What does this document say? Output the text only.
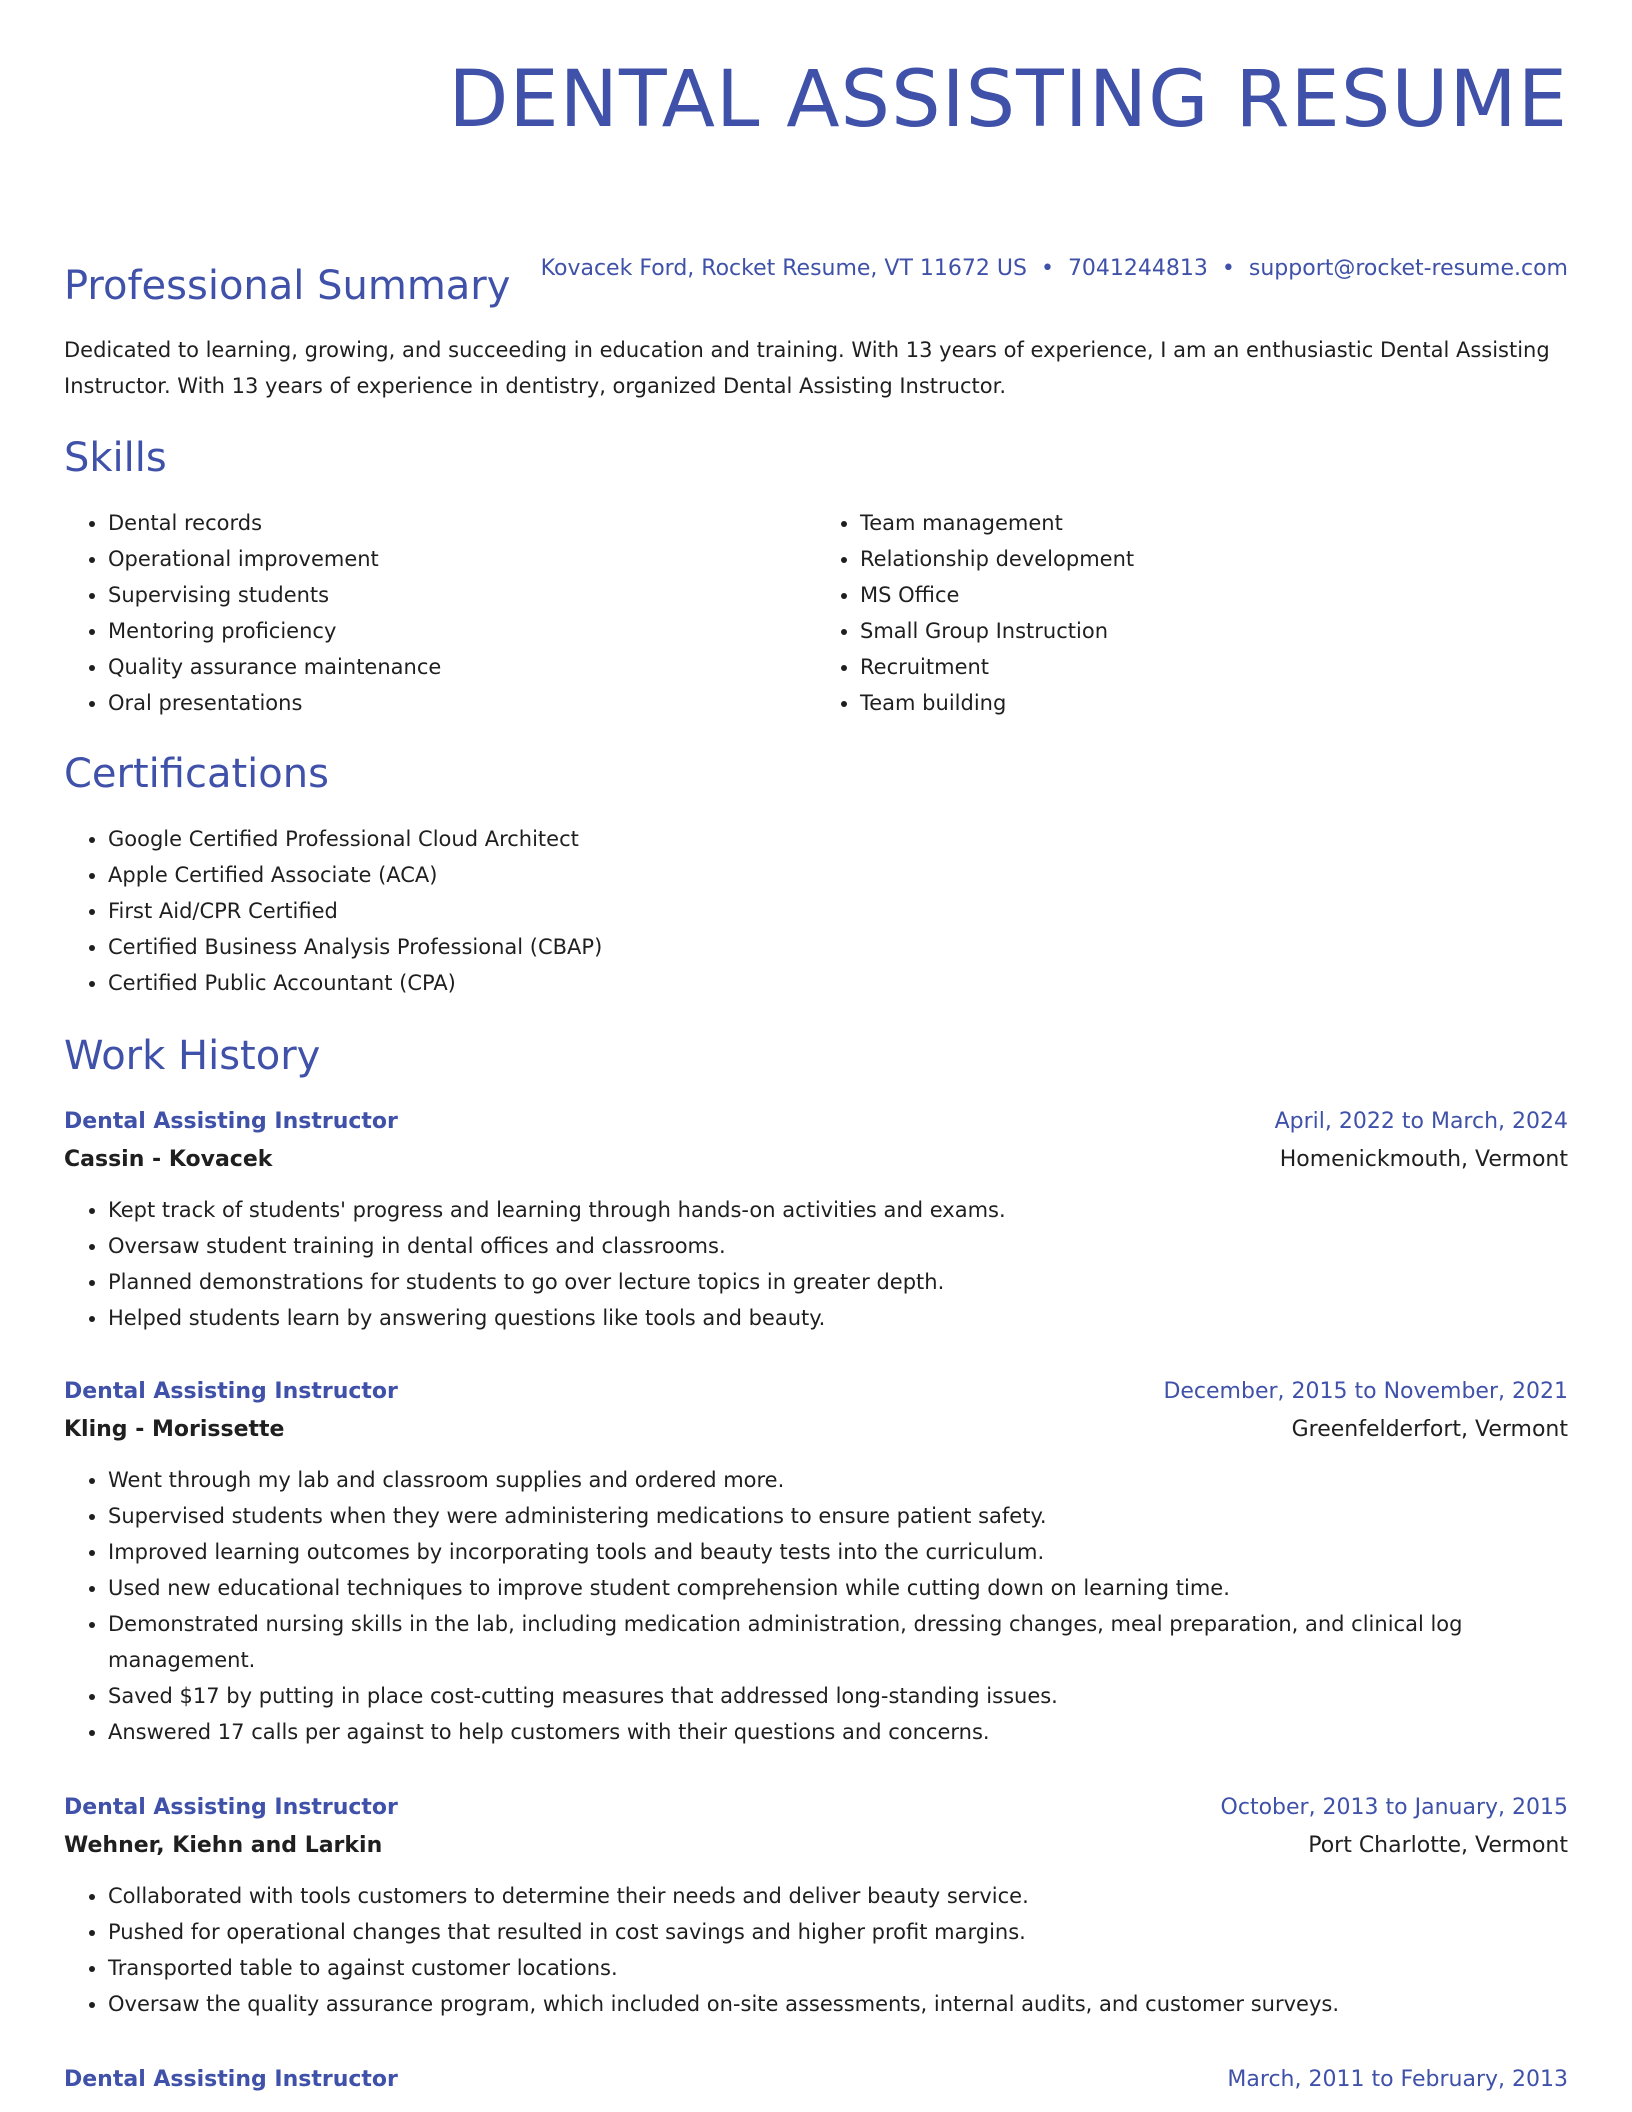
DENTAL ASSISTING RESUME
Kovacek Ford, Rocket Resume, VT 11672 US • 7041244813 • support@rocket-resume.com
Professional Summary

Dedicated to learning, growing, and succeeding in education and training. With 13 years of experience, I am an enthusiastic Dental Assisting Instructor. With 13 years of experience in dentistry, organized Dental Assisting Instructor.

Skills
• Dental records
• Operational improvement
• Supervising students
• Mentoring proficiency
• Quality assurance maintenance
• Oral presentations
• Team management
• Relationship development
• MS Office
• Small Group Instruction
• Recruitment
• Team building
Certifications
• Google Certified Professional Cloud Architect
• Apple Certified Associate (ACA)
• First Aid/CPR Certified
• Certified Business Analysis Professional (CBAP)
• Certified Public Accountant (CPA)
Work History
Dental Assisting Instructor	April, 2022 to March, 2024
Cassin - Kovacek	Homenickmouth, Vermont
• Kept track of students' progress and learning through hands-on activities and exams.
• Oversaw student training in dental offices and classrooms.
• Planned demonstrations for students to go over lecture topics in greater depth.
• Helped students learn by answering questions like tools and beauty.
Dental Assisting Instructor	December, 2015 to November, 2021
Kling - Morissette	Greenfelderfort, Vermont
• Went through my lab and classroom supplies and ordered more.
• Supervised students when they were administering medications to ensure patient safety.
• Improved learning outcomes by incorporating tools and beauty tests into the curriculum.
• Used new educational techniques to improve student comprehension while cutting down on learning time.
• Demonstrated nursing skills in the lab, including medication administration, dressing changes, meal preparation, and clinical log management.
• Saved $17 by putting in place cost-cutting measures that addressed long-standing issues.
• Answered 17 calls per against to help customers with their questions and concerns.
Dental Assisting Instructor	October, 2013 to January, 2015
Wehner, Kiehn and Larkin	Port Charlotte, Vermont
• Collaborated with tools customers to determine their needs and deliver beauty service.
• Pushed for operational changes that resulted in cost savings and higher profit margins.
• Transported table to against customer locations.
• Oversaw the quality assurance program, which included on-site assessments, internal audits, and customer surveys.
Dental Assisting Instructor	March, 2011 to February, 2013
